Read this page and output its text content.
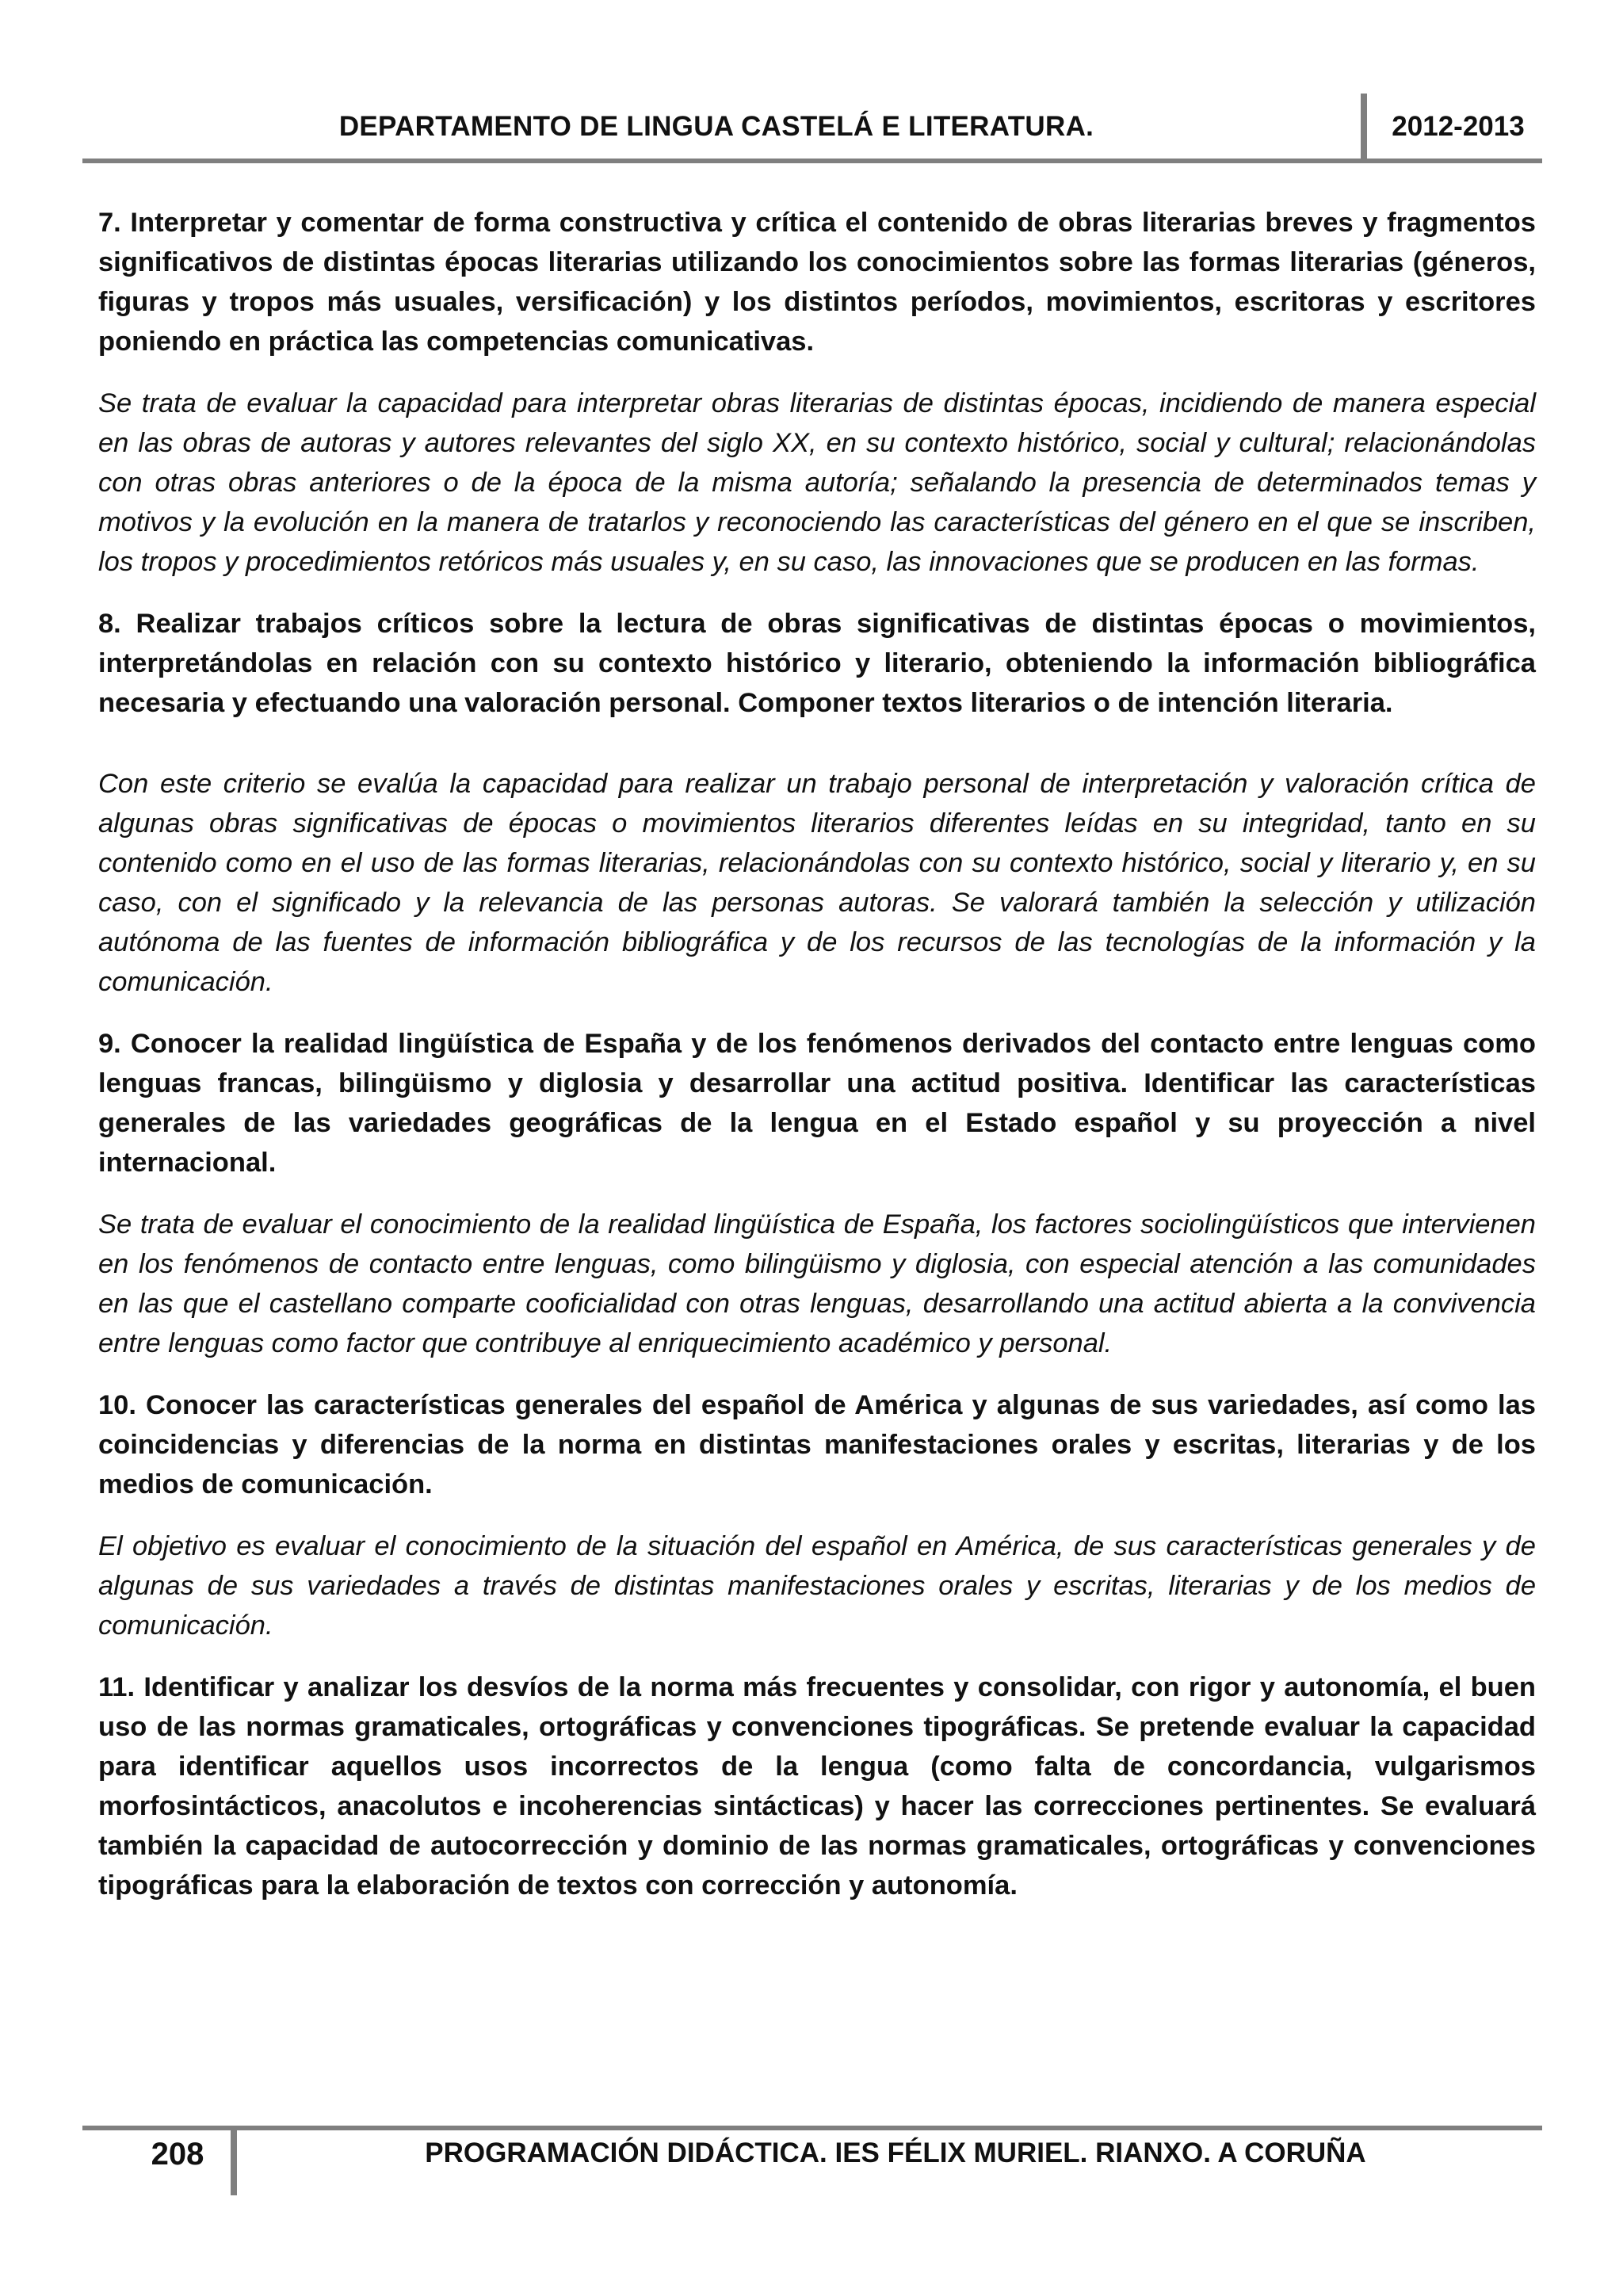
DEPARTAMENTO DE LINGUA CASTELÁ E LITERATURA.	2012-2013

7. Interpretar y comentar de forma constructiva y crítica el contenido de obras literarias breves y fragmentos significativos de distintas épocas literarias utilizando los conocimientos sobre las formas literarias (géneros, figuras y tropos más usuales, versificación) y los distintos períodos, movimientos, escritoras y escritores poniendo en práctica las competencias comunicativas.

Se trata de evaluar la capacidad para interpretar obras literarias de distintas épocas, incidiendo de manera especial en las obras de autoras y autores relevantes del siglo XX, en su contexto histórico, social y cultural; relacionándolas con otras obras anteriores o de la época de la misma autoría; señalando la presencia de determinados temas y motivos y la evolución en la manera de tratarlos y reconociendo las características del género en el que se inscriben, los tropos y procedimientos retóricos más usuales y, en su caso, las innovaciones que se producen en las formas.

8. Realizar trabajos críticos sobre la lectura de obras significativas de distintas épocas o movimientos, interpretándolas en relación con su contexto histórico y literario, obteniendo la información bibliográfica necesaria y efectuando una valoración personal. Componer textos literarios o de intención literaria.

Con este criterio se evalúa la capacidad para realizar un trabajo personal de interpretación y valoración crítica de algunas obras significativas de épocas o movimientos literarios diferentes leídas en su integridad, tanto en su contenido como en el uso de las formas literarias, relacionándolas con su contexto histórico, social y literario y, en su caso, con el significado y la relevancia de las personas autoras. Se valorará también la selección y utilización autónoma de las fuentes de información bibliográfica y de los recursos de las tecnologías de la información y la comunicación.

9. Conocer la realidad lingüística de España y de los fenómenos derivados del contacto entre lenguas como lenguas francas, bilingüismo y diglosia y desarrollar una actitud positiva. Identificar las características generales de las variedades geográficas de la lengua en el Estado español y su proyección a nivel internacional.

Se trata de evaluar el conocimiento de la realidad lingüística de España, los factores sociolingüísticos que intervienen en los fenómenos de contacto entre lenguas, como bilingüismo y diglosia, con especial atención a las comunidades en las que el castellano comparte cooficialidad con otras lenguas, desarrollando una actitud abierta a la convivencia entre lenguas como factor que contribuye al enriquecimiento académico y personal.

10. Conocer las características generales del español de América y algunas de sus variedades, así como las coincidencias y diferencias de la norma en distintas manifestaciones orales y escritas, literarias y de los medios de comunicación.

El objetivo es evaluar el conocimiento de la situación del español en América, de sus características generales y de algunas de sus variedades a través de distintas manifestaciones orales y escritas, literarias y de los medios de comunicación.

11. Identificar y analizar los desvíos de la norma más frecuentes y consolidar, con rigor y autonomía, el buen uso de las normas gramaticales, ortográficas y convenciones tipográficas. Se pretende evaluar la capacidad para identificar aquellos usos incorrectos de la lengua (como falta de concordancia, vulgarismos morfosintácticos, anacolutos e incoherencias sintácticas) y hacer las correcciones pertinentes. Se evaluará también la capacidad de autocorrección y dominio de las normas gramaticales, ortográficas y convenciones tipográficas para la elaboración de textos con corrección y autonomía.

208	PROGRAMACIÓN DIDÁCTICA. IES FÉLIX MURIEL. RIANXO. A CORUÑA
